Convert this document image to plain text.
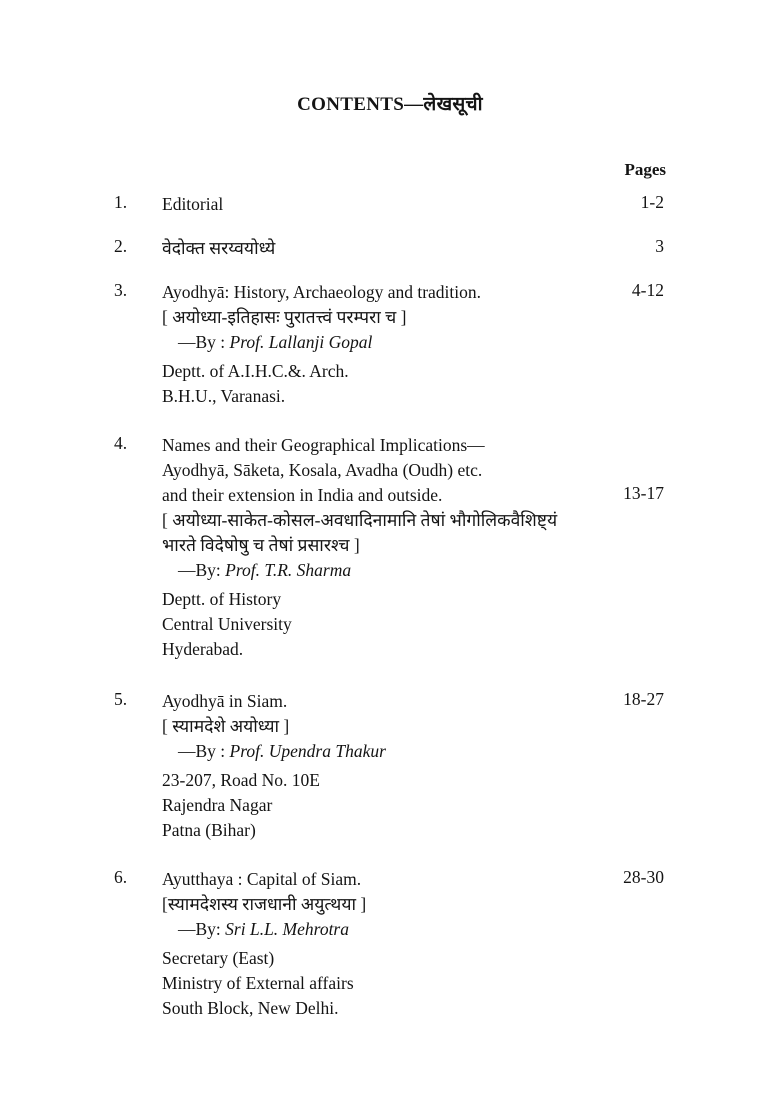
CONTENTS—लेखसूची
Pages
1. Editorial	1-2
2. वेदोक्त सरय्वयोध्ये	3
3. Ayodhyā: History, Archaeology and tradition.
[ अयोध्या-इतिहासः पुरातत्त्वं परम्परा च ]
—By : Prof. Lallanji Gopal
Deptt. of A.I.H.C.&. Arch.
B.H.U., Varanasi.
4-12
4. Names and their Geographical Implications—
Ayodhyā, Sāketa, Kosala, Avadha (Oudh) etc.
and their extension in India and outside.
[ अयोध्या-साकेत-कोसल-अवधादिनामानि तेषां भौगोलिकवैशिष्ट्यं
भारते विदेषोषु च तेषां प्रसारश्च ]
—By: Prof. T.R. Sharma
Deptt. of History
Central University
Hyderabad.
13-17
5. Ayodhyā in Siam.
[ स्यामदेशे अयोध्या ]
—By : Prof. Upendra Thakur
23-207, Road No. 10E
Rajendra Nagar
Patna (Bihar)
18-27
6. Ayutthaya : Capital of Siam.
[स्यामदेशस्य राजधानी अयुत्थया ]
—By: Sri L.L. Mehrotra
Secretary (East)
Ministry of External affairs
South Block, New Delhi.
28-30
